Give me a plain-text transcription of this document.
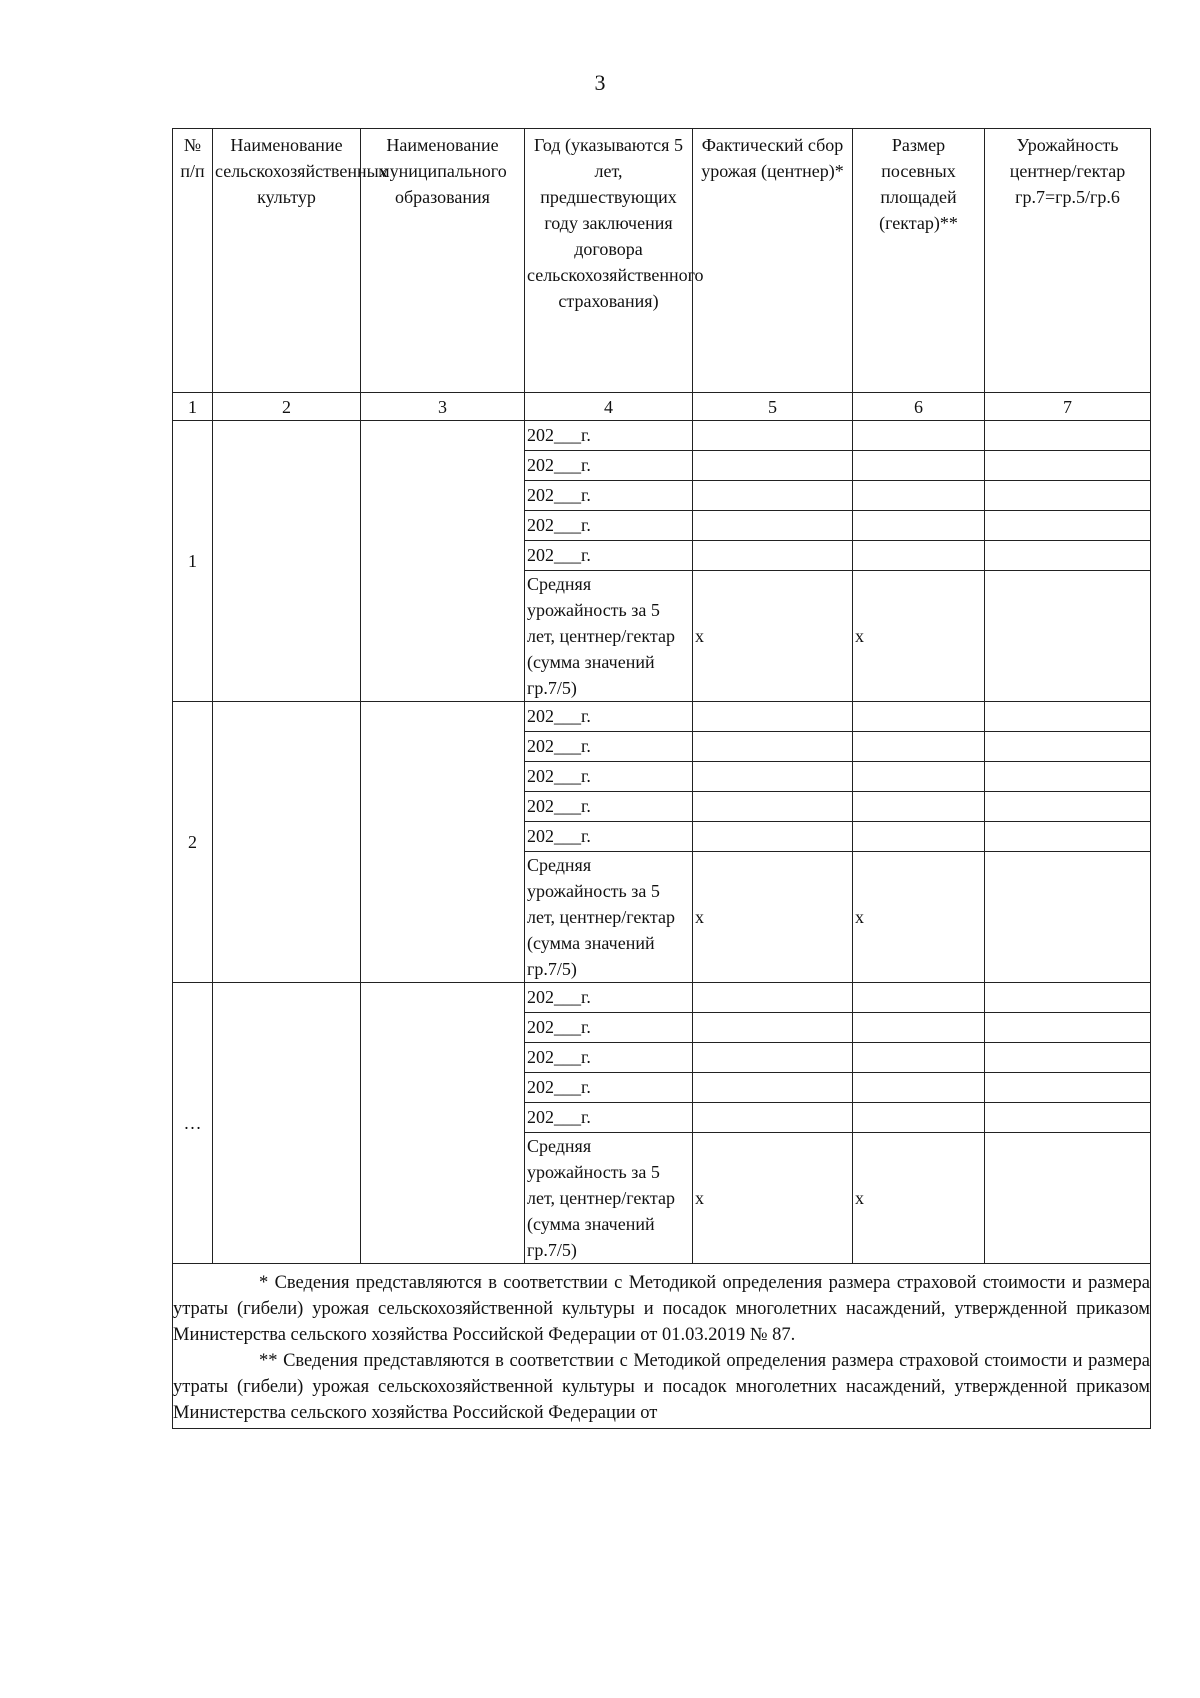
3
№ п/п	Наименование сельскохозяйственных культур	Наименование муниципального образования	Год (указываются 5 лет, предшествующих году заключения договора сельскохозяйственного страхования)	Фактический сбор урожая (центнер)*	Размер посевных площадей (гектар)**	Урожайность центнер/гектар гр.7=гр.5/гр.6
1	2	3	4	5	6	7
1			202___г.			
			202___г.			
			202___г.			
			202___г.			
			202___г.			
			Средняя урожайность за 5 лет, центнер/гектар (сумма значений гр.7/5)	x	x	
2			202___г.			
			202___г.			
			202___г.			
			202___г.			
			202___г.			
			Средняя урожайность за 5 лет, центнер/гектар (сумма значений гр.7/5)	x	x	
…			202___г.			
			202___г.			
			202___г.			
			202___г.			
			202___г.			
			Средняя урожайность за 5 лет, центнер/гектар (сумма значений гр.7/5)	x	x	

* Сведения представляются в соответствии с Методикой определения размера страховой стоимости и размера утраты (гибели) урожая сельскохозяйственной культуры и посадок многолетних насаждений, утвержденной приказом Министерства сельского хозяйства Российской Федерации от 01.03.2019 № 87.

** Сведения представляются в соответствии с Методикой определения размера страховой стоимости и размера утраты (гибели) урожая сельскохозяйственной культуры и посадок многолетних насаждений, утвержденной приказом Министерства сельского хозяйства Российской Федерации от						
